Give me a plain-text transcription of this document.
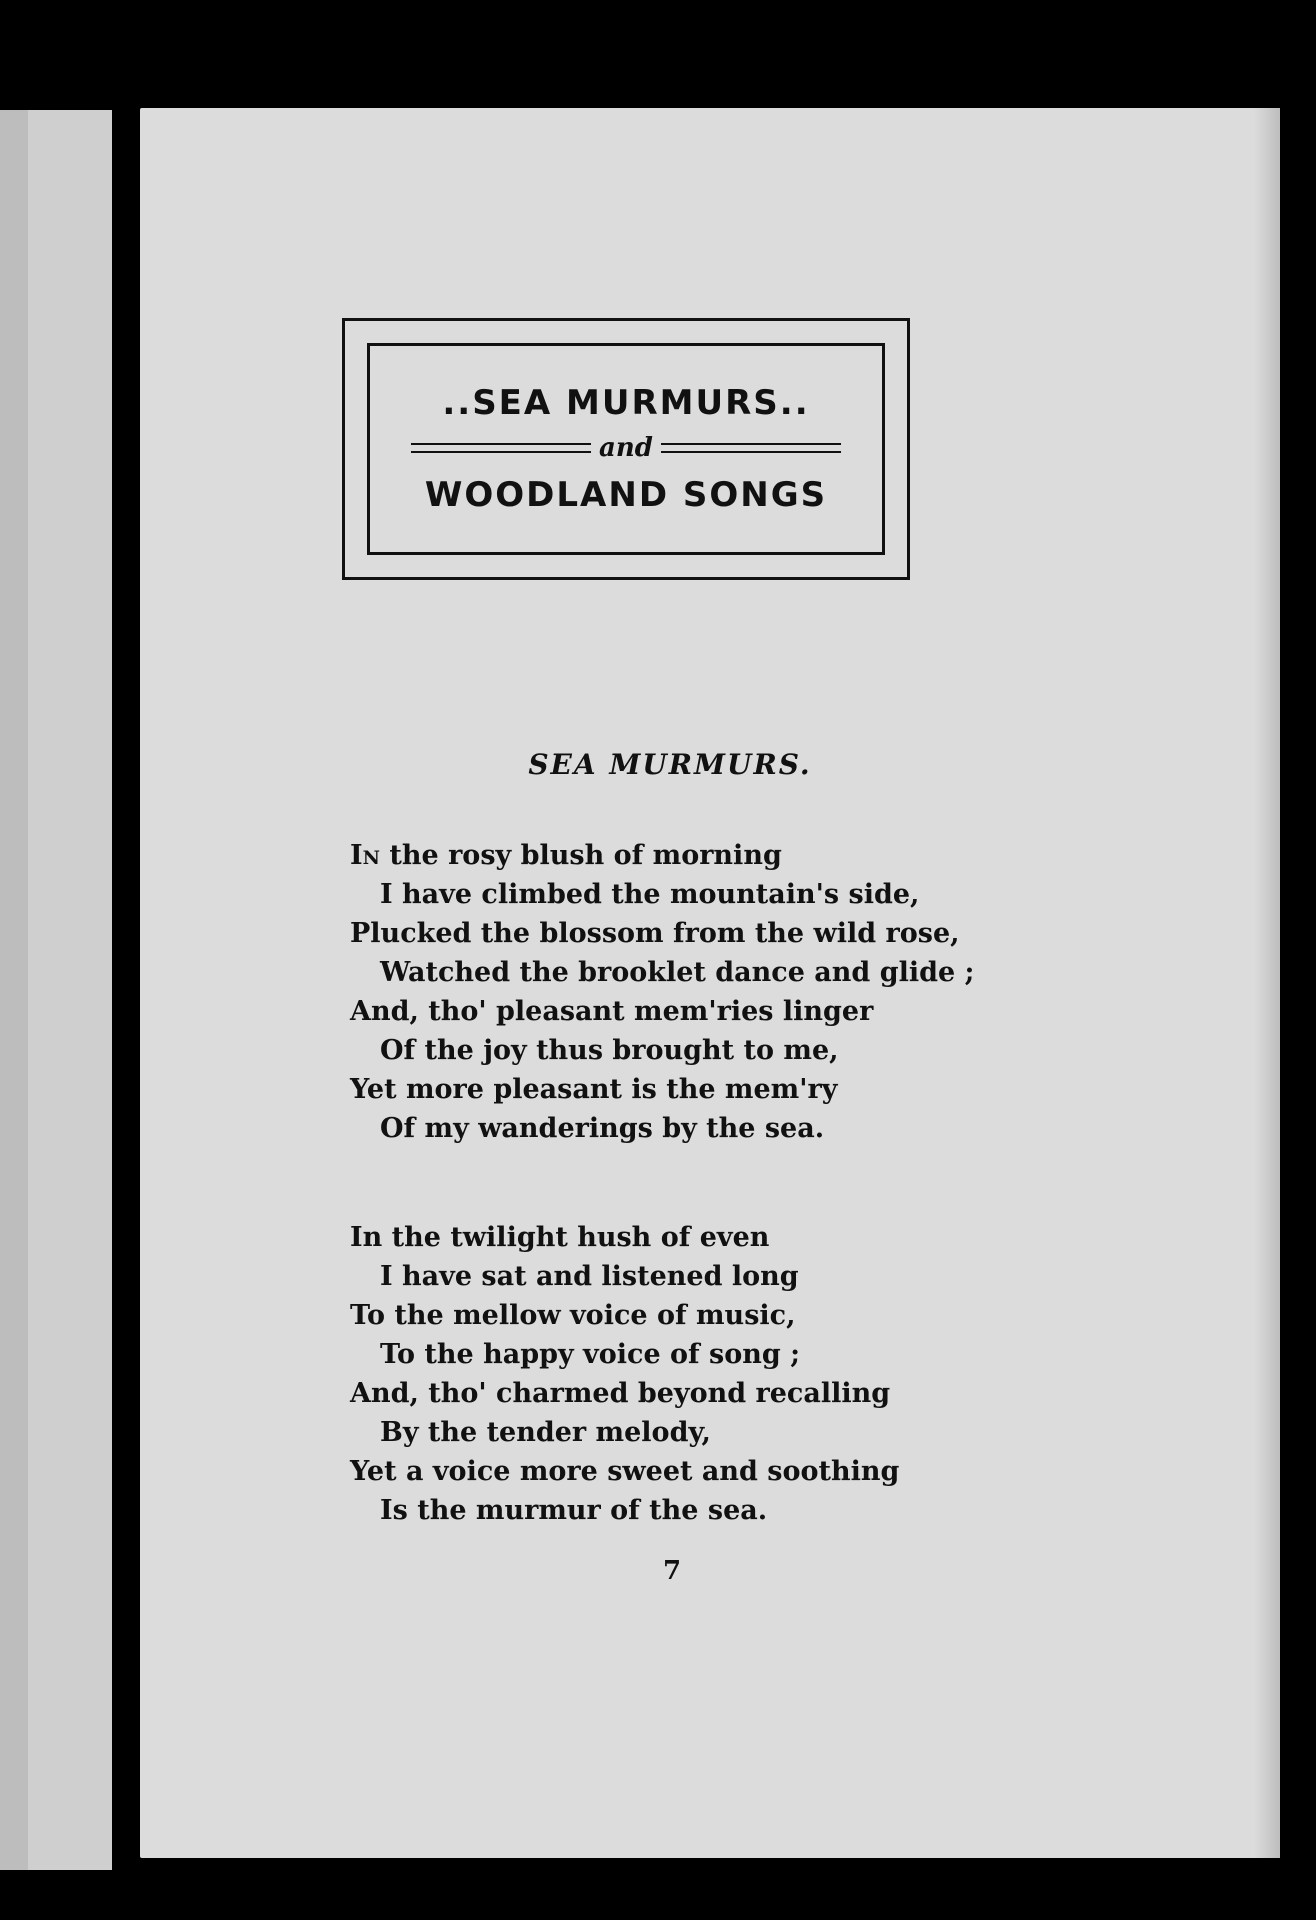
..SEA MURMURS..
and
WOODLAND SONGS
SEA MURMURS.
In the rosy blush of morning
I have climbed the mountain's side,
Plucked the blossom from the wild rose,
Watched the brooklet dance and glide ;
And, tho' pleasant mem'ries linger
Of the joy thus brought to me,
Yet more pleasant is the mem'ry
Of my wanderings by the sea.
In the twilight hush of even
I have sat and listened long
To the mellow voice of music,
To the happy voice of song ;
And, tho' charmed beyond recalling
By the tender melody,
Yet a voice more sweet and soothing
Is the murmur of the sea.
7
